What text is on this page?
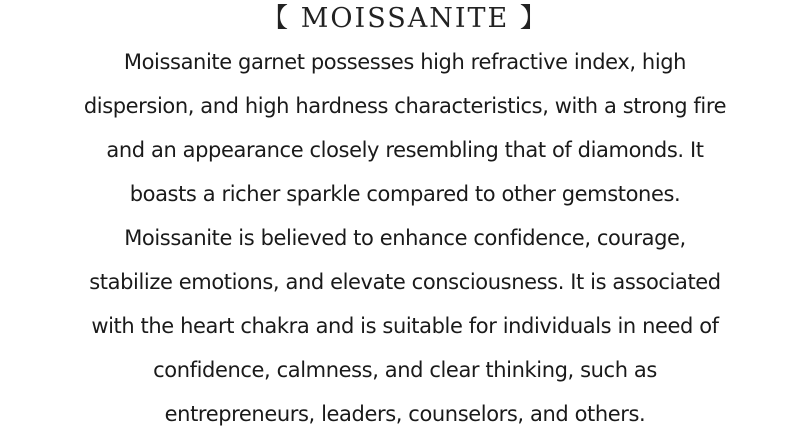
【 MOISSANITE 】

Moissanite garnet possesses high refractive index, high
dispersion, and high hardness characteristics, with a strong fire
and an appearance closely resembling that of diamonds. It
boasts a richer sparkle compared to other gemstones.
Moissanite is believed to enhance confidence, courage,
stabilize emotions, and elevate consciousness. It is associated
with the heart chakra and is suitable for individuals in need of
confidence, calmness, and clear thinking, such as
entrepreneurs, leaders, counselors, and others.
